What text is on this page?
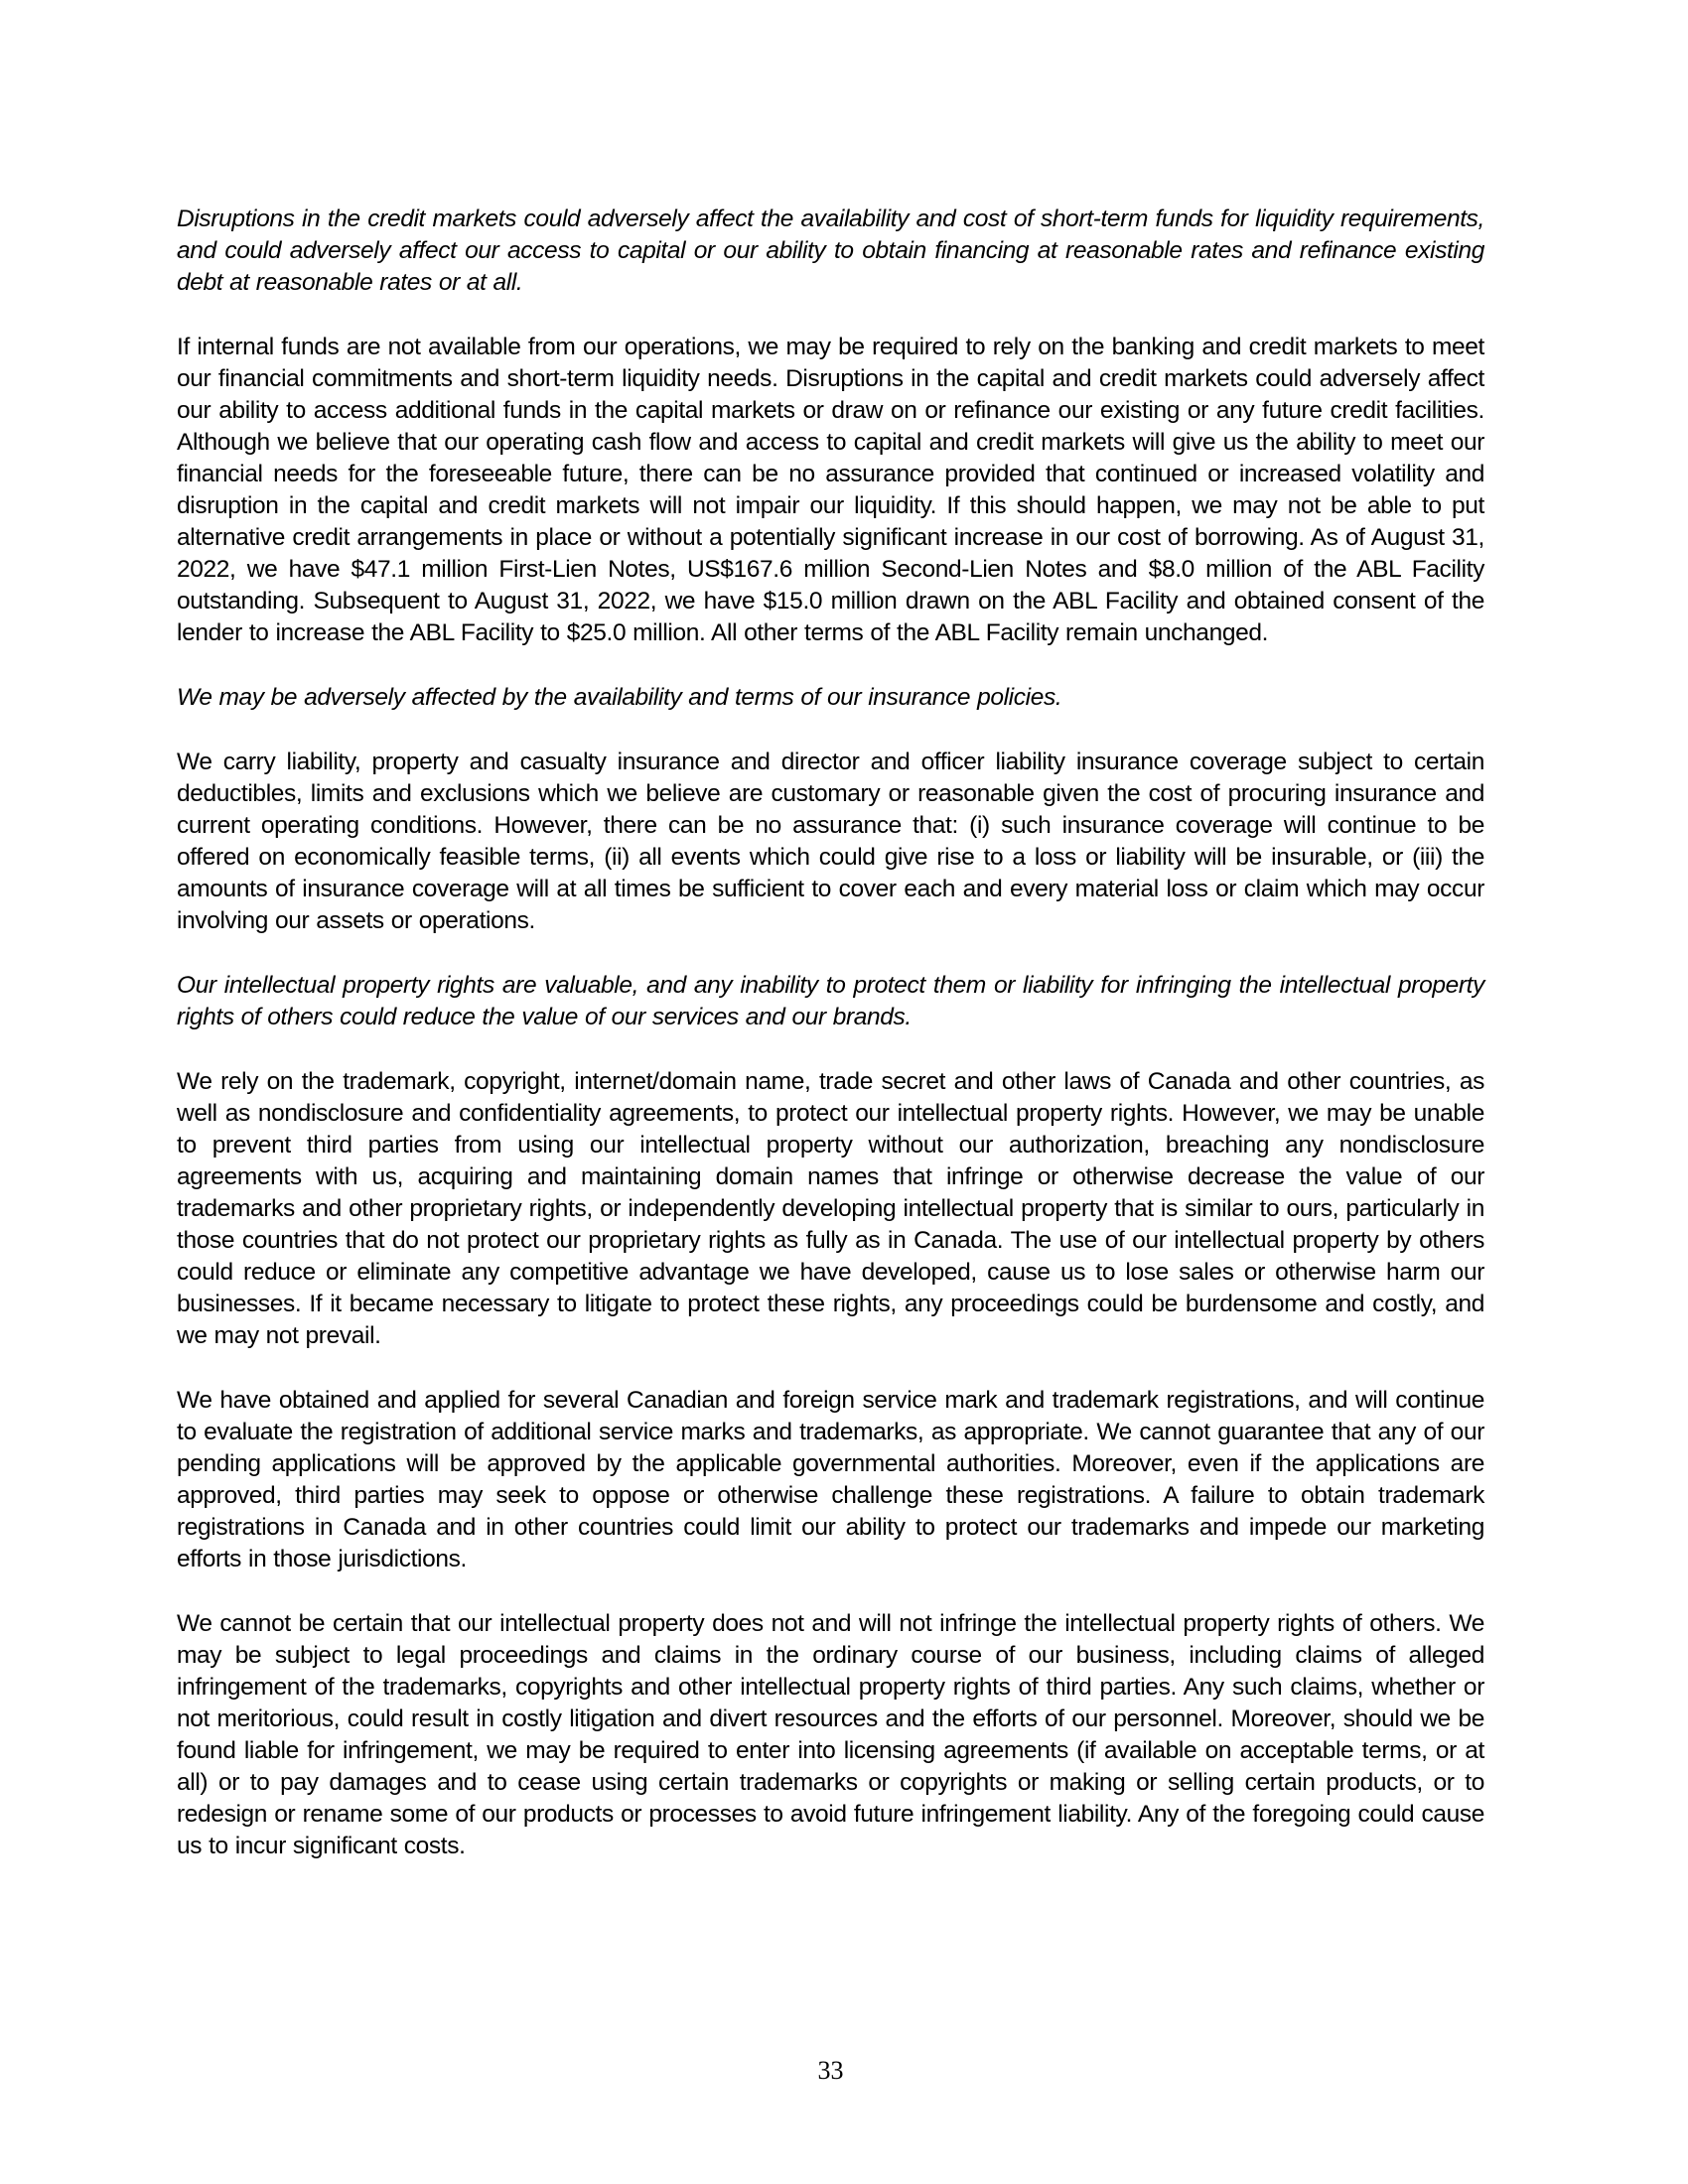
Disruptions in the credit markets could adversely affect the availability and cost of short-term funds for liquidity requirements, and could adversely affect our access to capital or our ability to obtain financing at reasonable rates and refinance existing debt at reasonable rates or at all.

If internal funds are not available from our operations, we may be required to rely on the banking and credit markets to meet our financial commitments and short-term liquidity needs. Disruptions in the capital and credit markets could adversely affect our ability to access additional funds in the capital markets or draw on or refinance our existing or any future credit facilities. Although we believe that our operating cash flow and access to capital and credit markets will give us the ability to meet our financial needs for the foreseeable future, there can be no assurance provided that continued or increased volatility and disruption in the capital and credit markets will not impair our liquidity. If this should happen, we may not be able to put alternative credit arrangements in place or without a potentially significant increase in our cost of borrowing. As of August 31, 2022, we have $47.1 million First-Lien Notes, US$167.6 million Second-Lien Notes and $8.0 million of the ABL Facility outstanding. Subsequent to August 31, 2022, we have $15.0 million drawn on the ABL Facility and obtained consent of the lender to increase the ABL Facility to $25.0 million. All other terms of the ABL Facility remain unchanged.

We may be adversely affected by the availability and terms of our insurance policies.

We carry liability, property and casualty insurance and director and officer liability insurance coverage subject to certain deductibles, limits and exclusions which we believe are customary or reasonable given the cost of procuring insurance and current operating conditions. However, there can be no assurance that: (i) such insurance coverage will continue to be offered on economically feasible terms, (ii) all events which could give rise to a loss or liability will be insurable, or (iii) the amounts of insurance coverage will at all times be sufficient to cover each and every material loss or claim which may occur involving our assets or operations.

Our intellectual property rights are valuable, and any inability to protect them or liability for infringing the intellectual property rights of others could reduce the value of our services and our brands.

We rely on the trademark, copyright, internet/domain name, trade secret and other laws of Canada and other countries, as well as nondisclosure and confidentiality agreements, to protect our intellectual property rights. However, we may be unable to prevent third parties from using our intellectual property without our authorization, breaching any nondisclosure agreements with us, acquiring and maintaining domain names that infringe or otherwise decrease the value of our trademarks and other proprietary rights, or independently developing intellectual property that is similar to ours, particularly in those countries that do not protect our proprietary rights as fully as in Canada. The use of our intellectual property by others could reduce or eliminate any competitive advantage we have developed, cause us to lose sales or otherwise harm our businesses. If it became necessary to litigate to protect these rights, any proceedings could be burdensome and costly, and we may not prevail.

We have obtained and applied for several Canadian and foreign service mark and trademark registrations, and will continue to evaluate the registration of additional service marks and trademarks, as appropriate. We cannot guarantee that any of our pending applications will be approved by the applicable governmental authorities. Moreover, even if the applications are approved, third parties may seek to oppose or otherwise challenge these registrations. A failure to obtain trademark registrations in Canada and in other countries could limit our ability to protect our trademarks and impede our marketing efforts in those jurisdictions.

We cannot be certain that our intellectual property does not and will not infringe the intellectual property rights of others. We may be subject to legal proceedings and claims in the ordinary course of our business, including claims of alleged infringement of the trademarks, copyrights and other intellectual property rights of third parties. Any such claims, whether or not meritorious, could result in costly litigation and divert resources and the efforts of our personnel. Moreover, should we be found liable for infringement, we may be required to enter into licensing agreements (if available on acceptable terms, or at all) or to pay damages and to cease using certain trademarks or copyrights or making or selling certain products, or to redesign or rename some of our products or processes to avoid future infringement liability. Any of the foregoing could cause us to incur significant costs.

33
